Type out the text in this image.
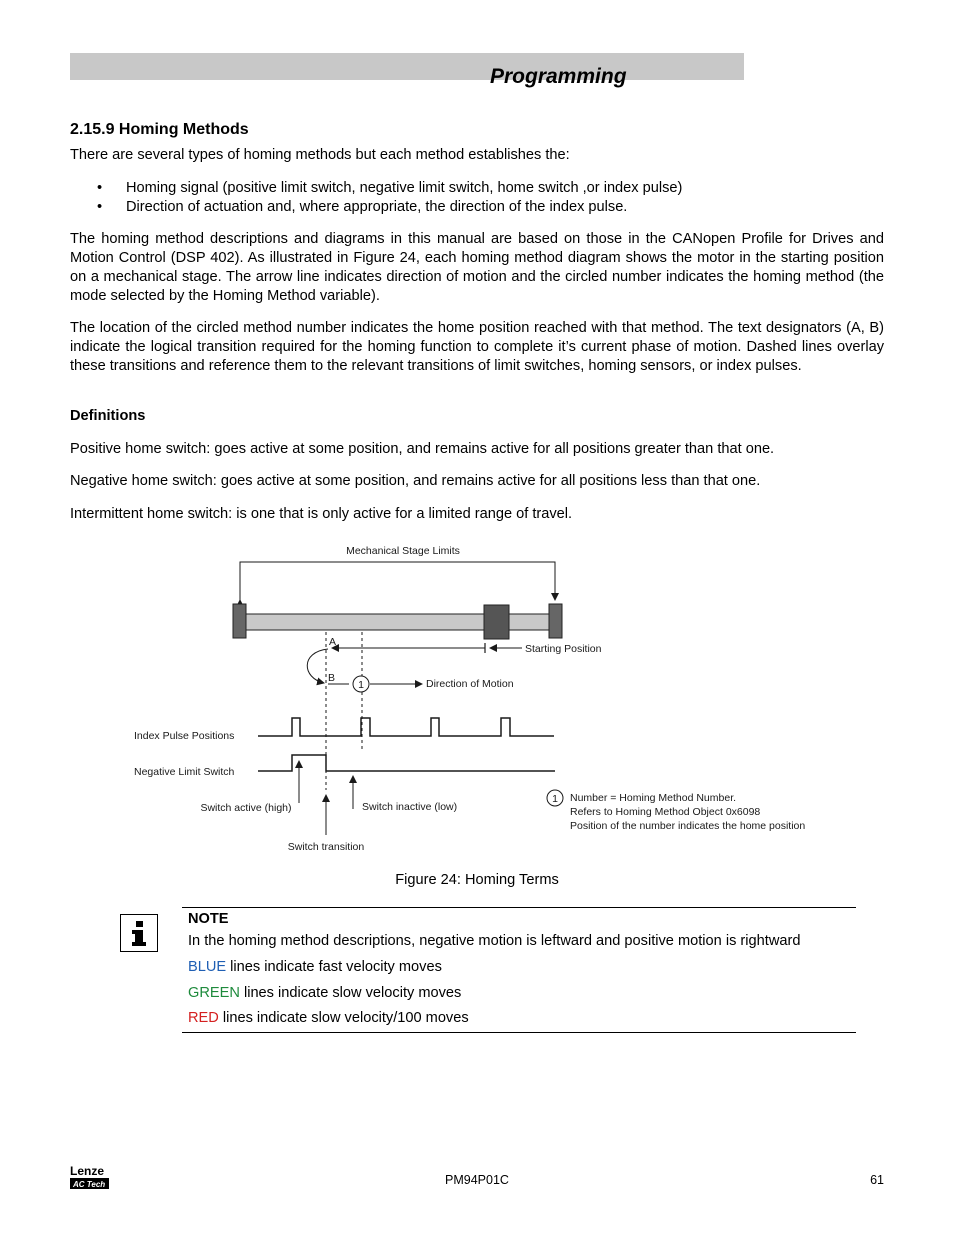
Programming
2.15.9 Homing Methods

There are several types of homing methods but each method establishes the:

• Homing signal (positive limit switch, negative limit switch, home switch ,or index pulse)
• Direction of actuation and, where appropriate, the direction of the index pulse.

The homing method descriptions and diagrams in this manual are based on those in the CANopen Profile for Drives and Motion Control (DSP 402). As illustrated in Figure 24, each homing method diagram shows the motor in the starting position on a mechanical stage. The arrow line indicates direction of motion and the circled number indicates the homing method (the mode selected by the Homing Method variable).

The location of the circled method number indicates the home position reached with that method. The text designators (A, B) indicate the logical transition required for the homing function to complete it’s current phase of motion. Dashed lines overlay these transitions and reference them to the relevant transitions of limit switches, homing sensors, or index pulses.

Definitions
Positive home switch: goes active at some position, and remains active for all positions greater than that one.
Negative home switch: goes active at some position, and remains active for all positions less than that one.
Intermittent home switch: is one that is only active for a limited range of travel.
Mechanical Stage Limits
A
B
Starting Position
1	Direction of Motion
Index Pulse Positions
Negative Limit Switch
Switch active (high)	Switch inactive (low)
Switch transition
1 Number = Homing Method Number.
Refers to Homing Method Object 0x6098
Position of the number indicates the home position
Figure 24: Homing Terms
NOTE
In the homing method descriptions, negative motion is leftward and positive motion is rightward
BLUE lines indicate fast velocity moves
GREEN lines indicate slow velocity moves
RED lines indicate slow velocity/100 moves
Lenze
AC Tech	PM94P01C	61
